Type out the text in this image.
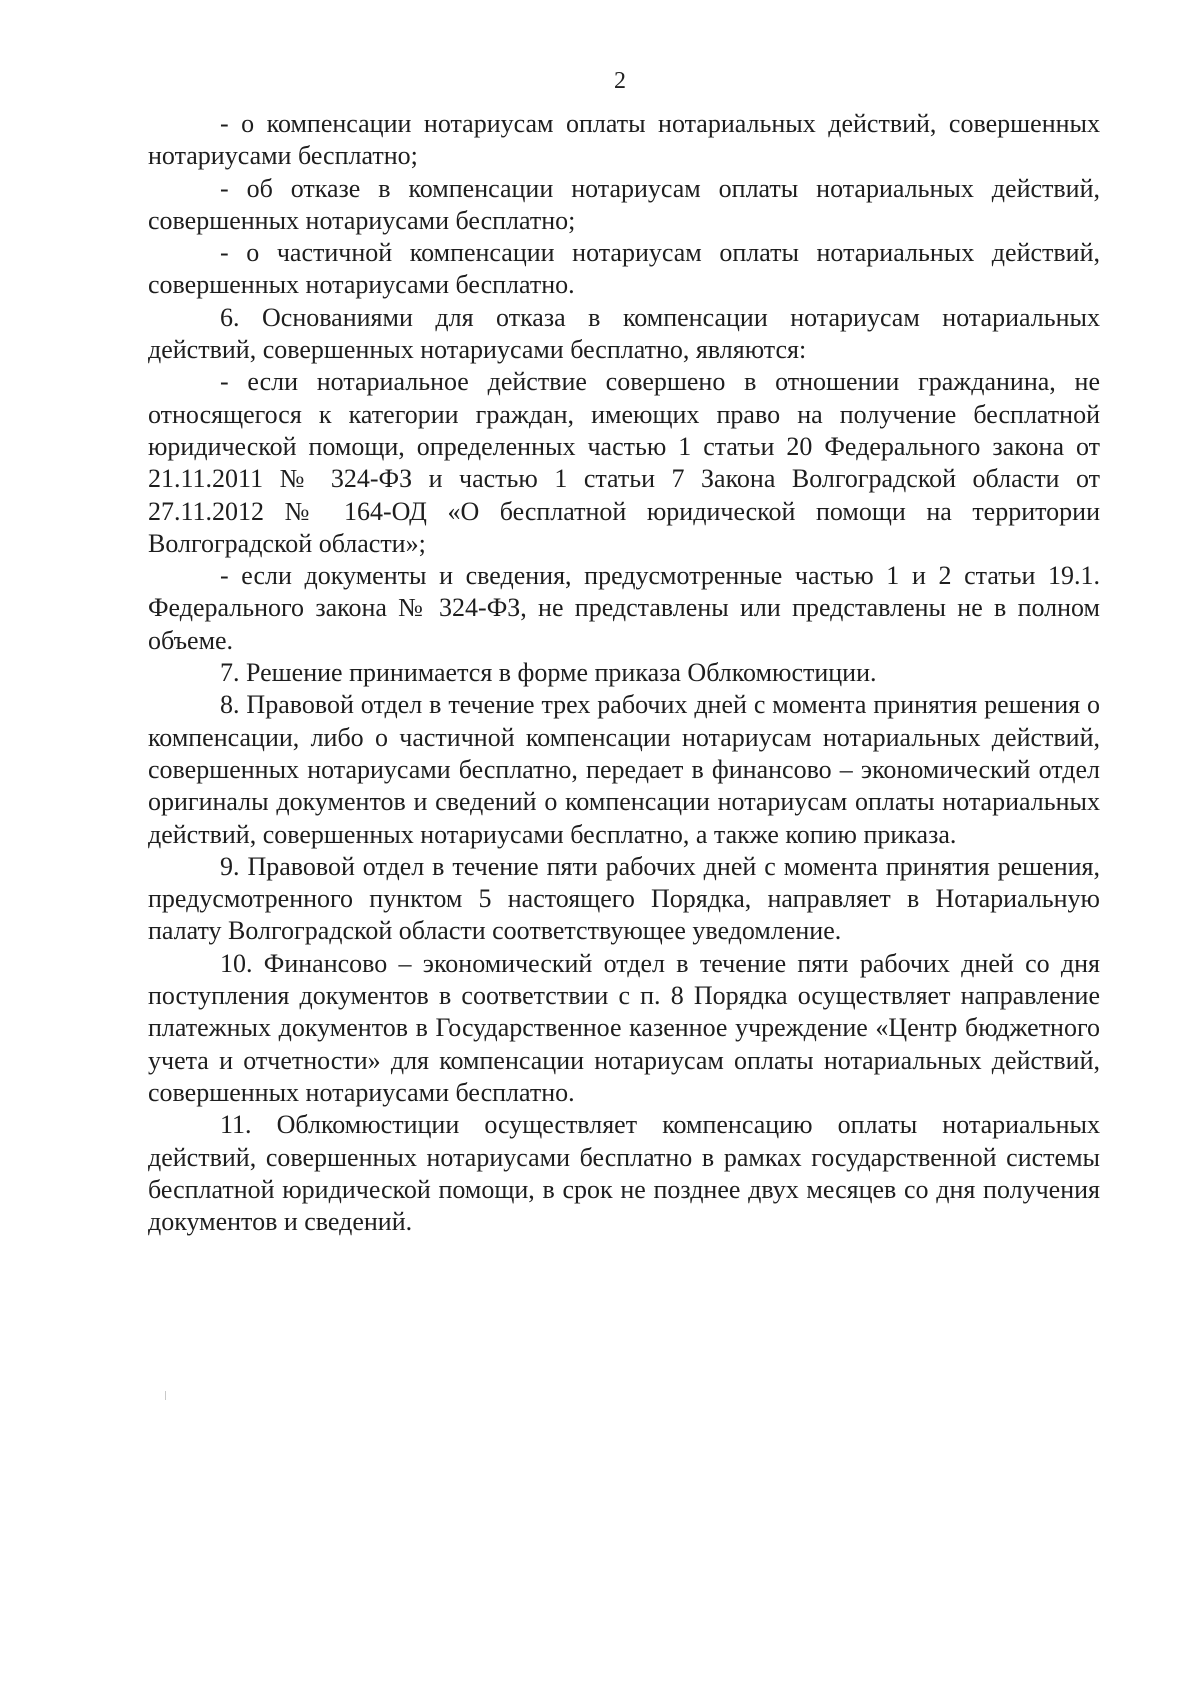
2

- о компенсации нотариусам оплаты нотариальных действий, совершенных нотариусами бесплатно;

- об отказе в компенсации нотариусам оплаты нотариальных действий, совершенных нотариусами бесплатно;

- о частичной компенсации нотариусам оплаты нотариальных действий, совершенных нотариусами бесплатно.

6. Основаниями для отказа в компенсации нотариусам нотариальных действий, совершенных нотариусами бесплатно, являются:

- если нотариальное действие совершено в отношении гражданина, не относящегося к категории граждан, имеющих право на получение бесплатной юридической помощи, определенных частью 1 статьи 20 Федерального закона от 21.11.2011 № 324-ФЗ и частью 1 статьи 7 Закона Волгоградской области от 27.11.2012 № 164-ОД «О бесплатной юридической помощи на территории Волгоградской области»;

- если документы и сведения, предусмотренные частью 1 и 2 статьи 19.1. Федерального закона № 324-ФЗ, не представлены или представлены не в полном объеме.

7. Решение принимается в форме приказа Облкомюстиции.

8. Правовой отдел в течение трех рабочих дней с момента принятия решения о компенсации, либо о частичной компенсации нотариусам нотариальных действий, совершенных нотариусами бесплатно, передает в финансово – экономический отдел оригиналы документов и сведений о компенсации нотариусам оплаты нотариальных действий, совершенных нотариусами бесплатно, а также копию приказа.

9. Правовой отдел в течение пяти рабочих дней с момента принятия решения, предусмотренного пунктом 5 настоящего Порядка, направляет в Нотариальную палату Волгоградской области соответствующее уведомление.

10. Финансово – экономический отдел в течение пяти рабочих дней со дня поступления документов в соответствии с п. 8 Порядка осуществляет направление платежных документов в Государственное казенное учреждение «Центр бюджетного учета и отчетности» для компенсации нотариусам оплаты нотариальных действий, совершенных нотариусами бесплатно.

11. Облкомюстиции осуществляет компенсацию оплаты нотариальных действий, совершенных нотариусами бесплатно в рамках государственной системы бесплатной юридической помощи, в срок не позднее двух месяцев со дня получения документов и сведений.
